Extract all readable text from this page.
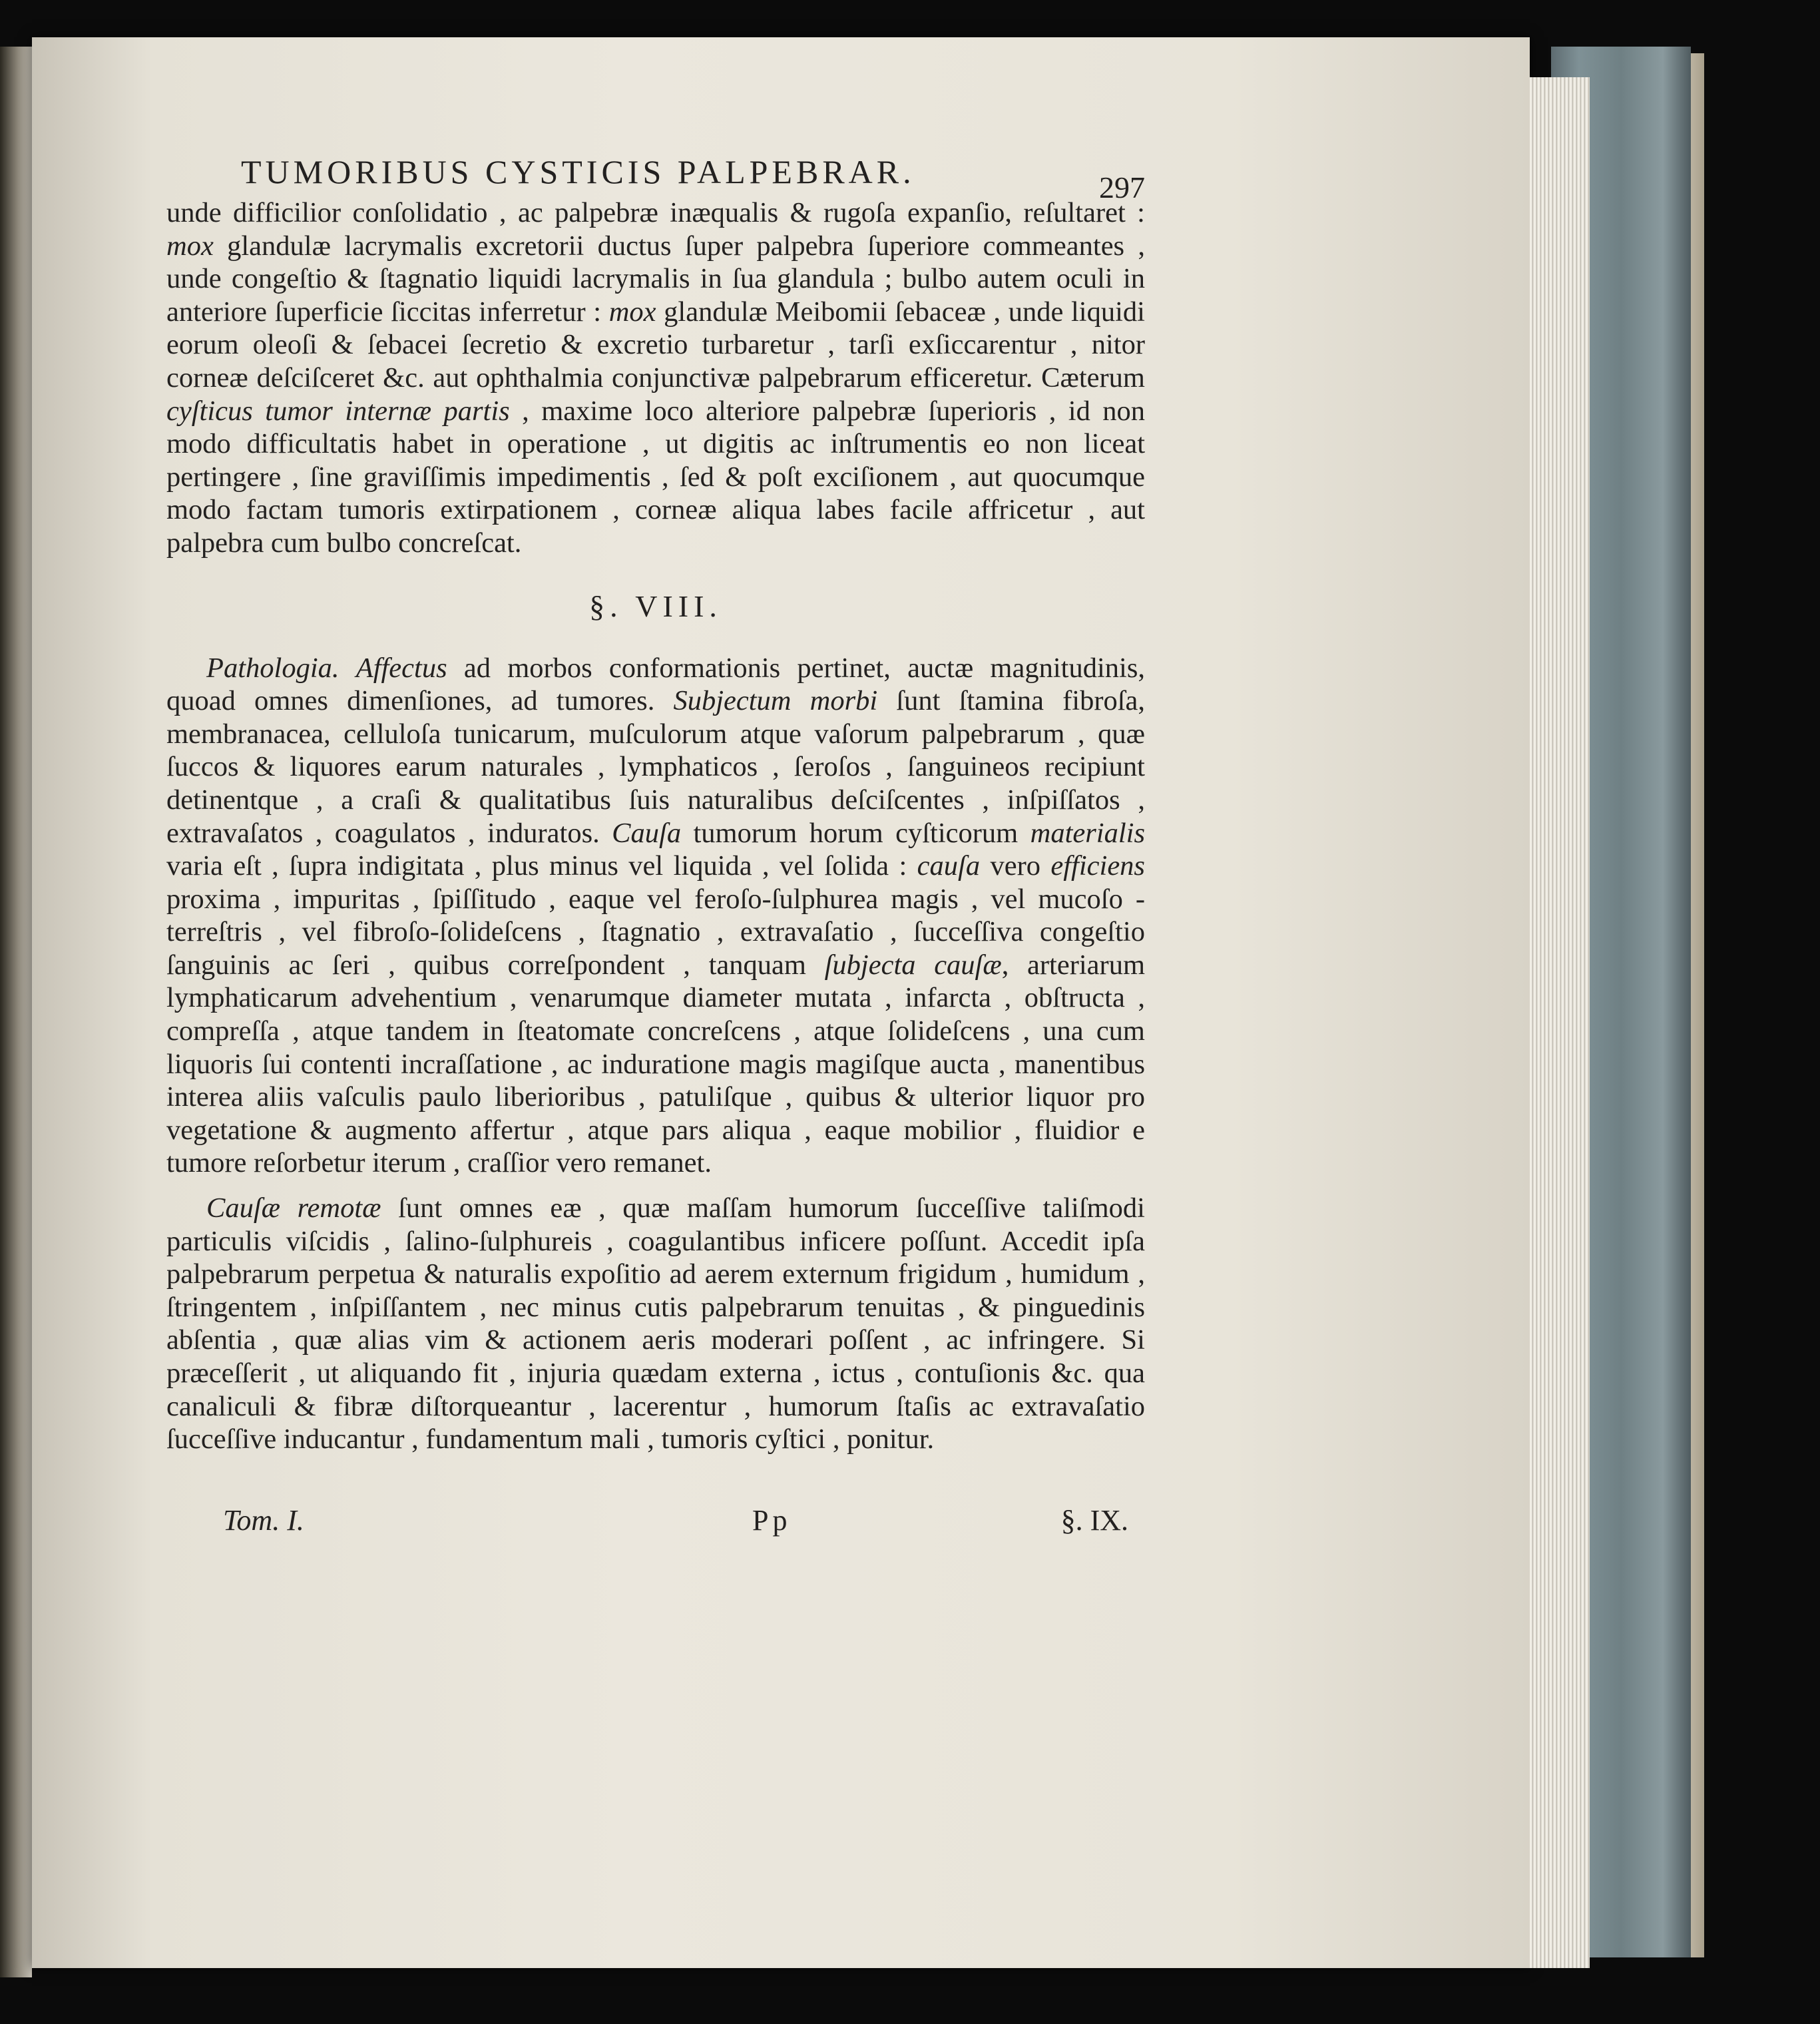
TUMORIBUS CYSTICIS PALPEBRAR.	297

unde difficilior conſolidatio , ac palpebræ inæqualis & rugoſa expanſio, reſultaret : mox glandulæ lacrymalis excretorii ductus ſuper palpebra ſuperiore commeantes , unde congeſtio & ſtagnatio liquidi lacrymalis in ſua glandula ; bulbo autem oculi in anteriore ſuperficie ſiccitas inferretur : mox glandulæ Meibomii ſebaceæ , unde liquidi eorum oleoſi & ſebacei ſecretio & excretio turbaretur , tarſi exſiccarentur , nitor corneæ deſciſceret &c. aut ophthalmia conjunctivæ palpebrarum efficeretur. Cæterum cyſticus tumor internæ partis , maxime loco alteriore palpebræ ſuperioris , id non modo difficultatis habet in operatione , ut digitis ac inſtrumentis eo non liceat pertingere , ſine graviſſimis impedimentis , ſed & poſt exciſionem , aut quocumque modo factam tumoris extirpationem , corneæ aliqua labes facile affricetur , aut palpebra cum bulbo concreſcat.

§. VIII.

Pathologia. Affectus ad morbos conformationis pertinet, auctæ magnitudinis, quoad omnes dimenſiones, ad tumores. Subjectum morbi ſunt ſtamina fibroſa, membranacea, celluloſa tunicarum, muſculorum atque vaſorum palpebrarum , quæ ſuccos & liquores earum naturales , lymphaticos , ſeroſos , ſanguineos recipiunt detinentque , a craſi & qualitatibus ſuis naturalibus deſciſcentes , inſpiſſatos , extravaſatos , coagulatos , induratos. Cauſa tumorum horum cyſticorum materialis varia eſt , ſupra indigitata , plus minus vel liquida , vel ſolida : cauſa vero efficiens proxima , impuritas , ſpiſſitudo , eaque vel feroſo-ſulphurea magis , vel mucoſo - terreſtris , vel fibroſo-ſolideſcens , ſtagnatio , extravaſatio , ſucceſſiva congeſtio ſanguinis ac ſeri , quibus correſpondent , tanquam ſubjecta cauſæ, arteriarum lymphaticarum advehentium , venarumque diameter mutata , infarcta , obſtructa , compreſſa , atque tandem in ſteatomate concreſcens , atque ſolideſcens , una cum liquoris ſui contenti incraſſatione , ac induratione magis magiſque aucta , manentibus interea aliis vaſculis paulo liberioribus , patuliſque , quibus & ulterior liquor pro vegetatione & augmento affertur , atque pars aliqua , eaque mobilior , fluidior e tumore reſorbetur iterum , craſſior vero remanet.

Cauſæ remotæ ſunt omnes eæ , quæ maſſam humorum ſucceſſive taliſmodi particulis viſcidis , ſalino-ſulphureis , coagulantibus inficere poſſunt. Accedit ipſa palpebrarum perpetua & naturalis expoſitio ad aerem externum frigidum , humidum , ſtringentem , inſpiſſantem , nec minus cutis palpebrarum tenuitas , & pinguedinis abſentia , quæ alias vim & actionem aeris moderari poſſent , ac infringere. Si præceſſerit , ut aliquando fit , injuria quædam externa , ictus , contuſionis &c. qua canaliculi & fibræ diſtorqueantur , lacerentur , humorum ſtaſis ac extravaſatio ſucceſſive inducantur , fundamentum mali , tumoris cyſtici , ponitur.

Tom. I.	Pp	§. IX.
